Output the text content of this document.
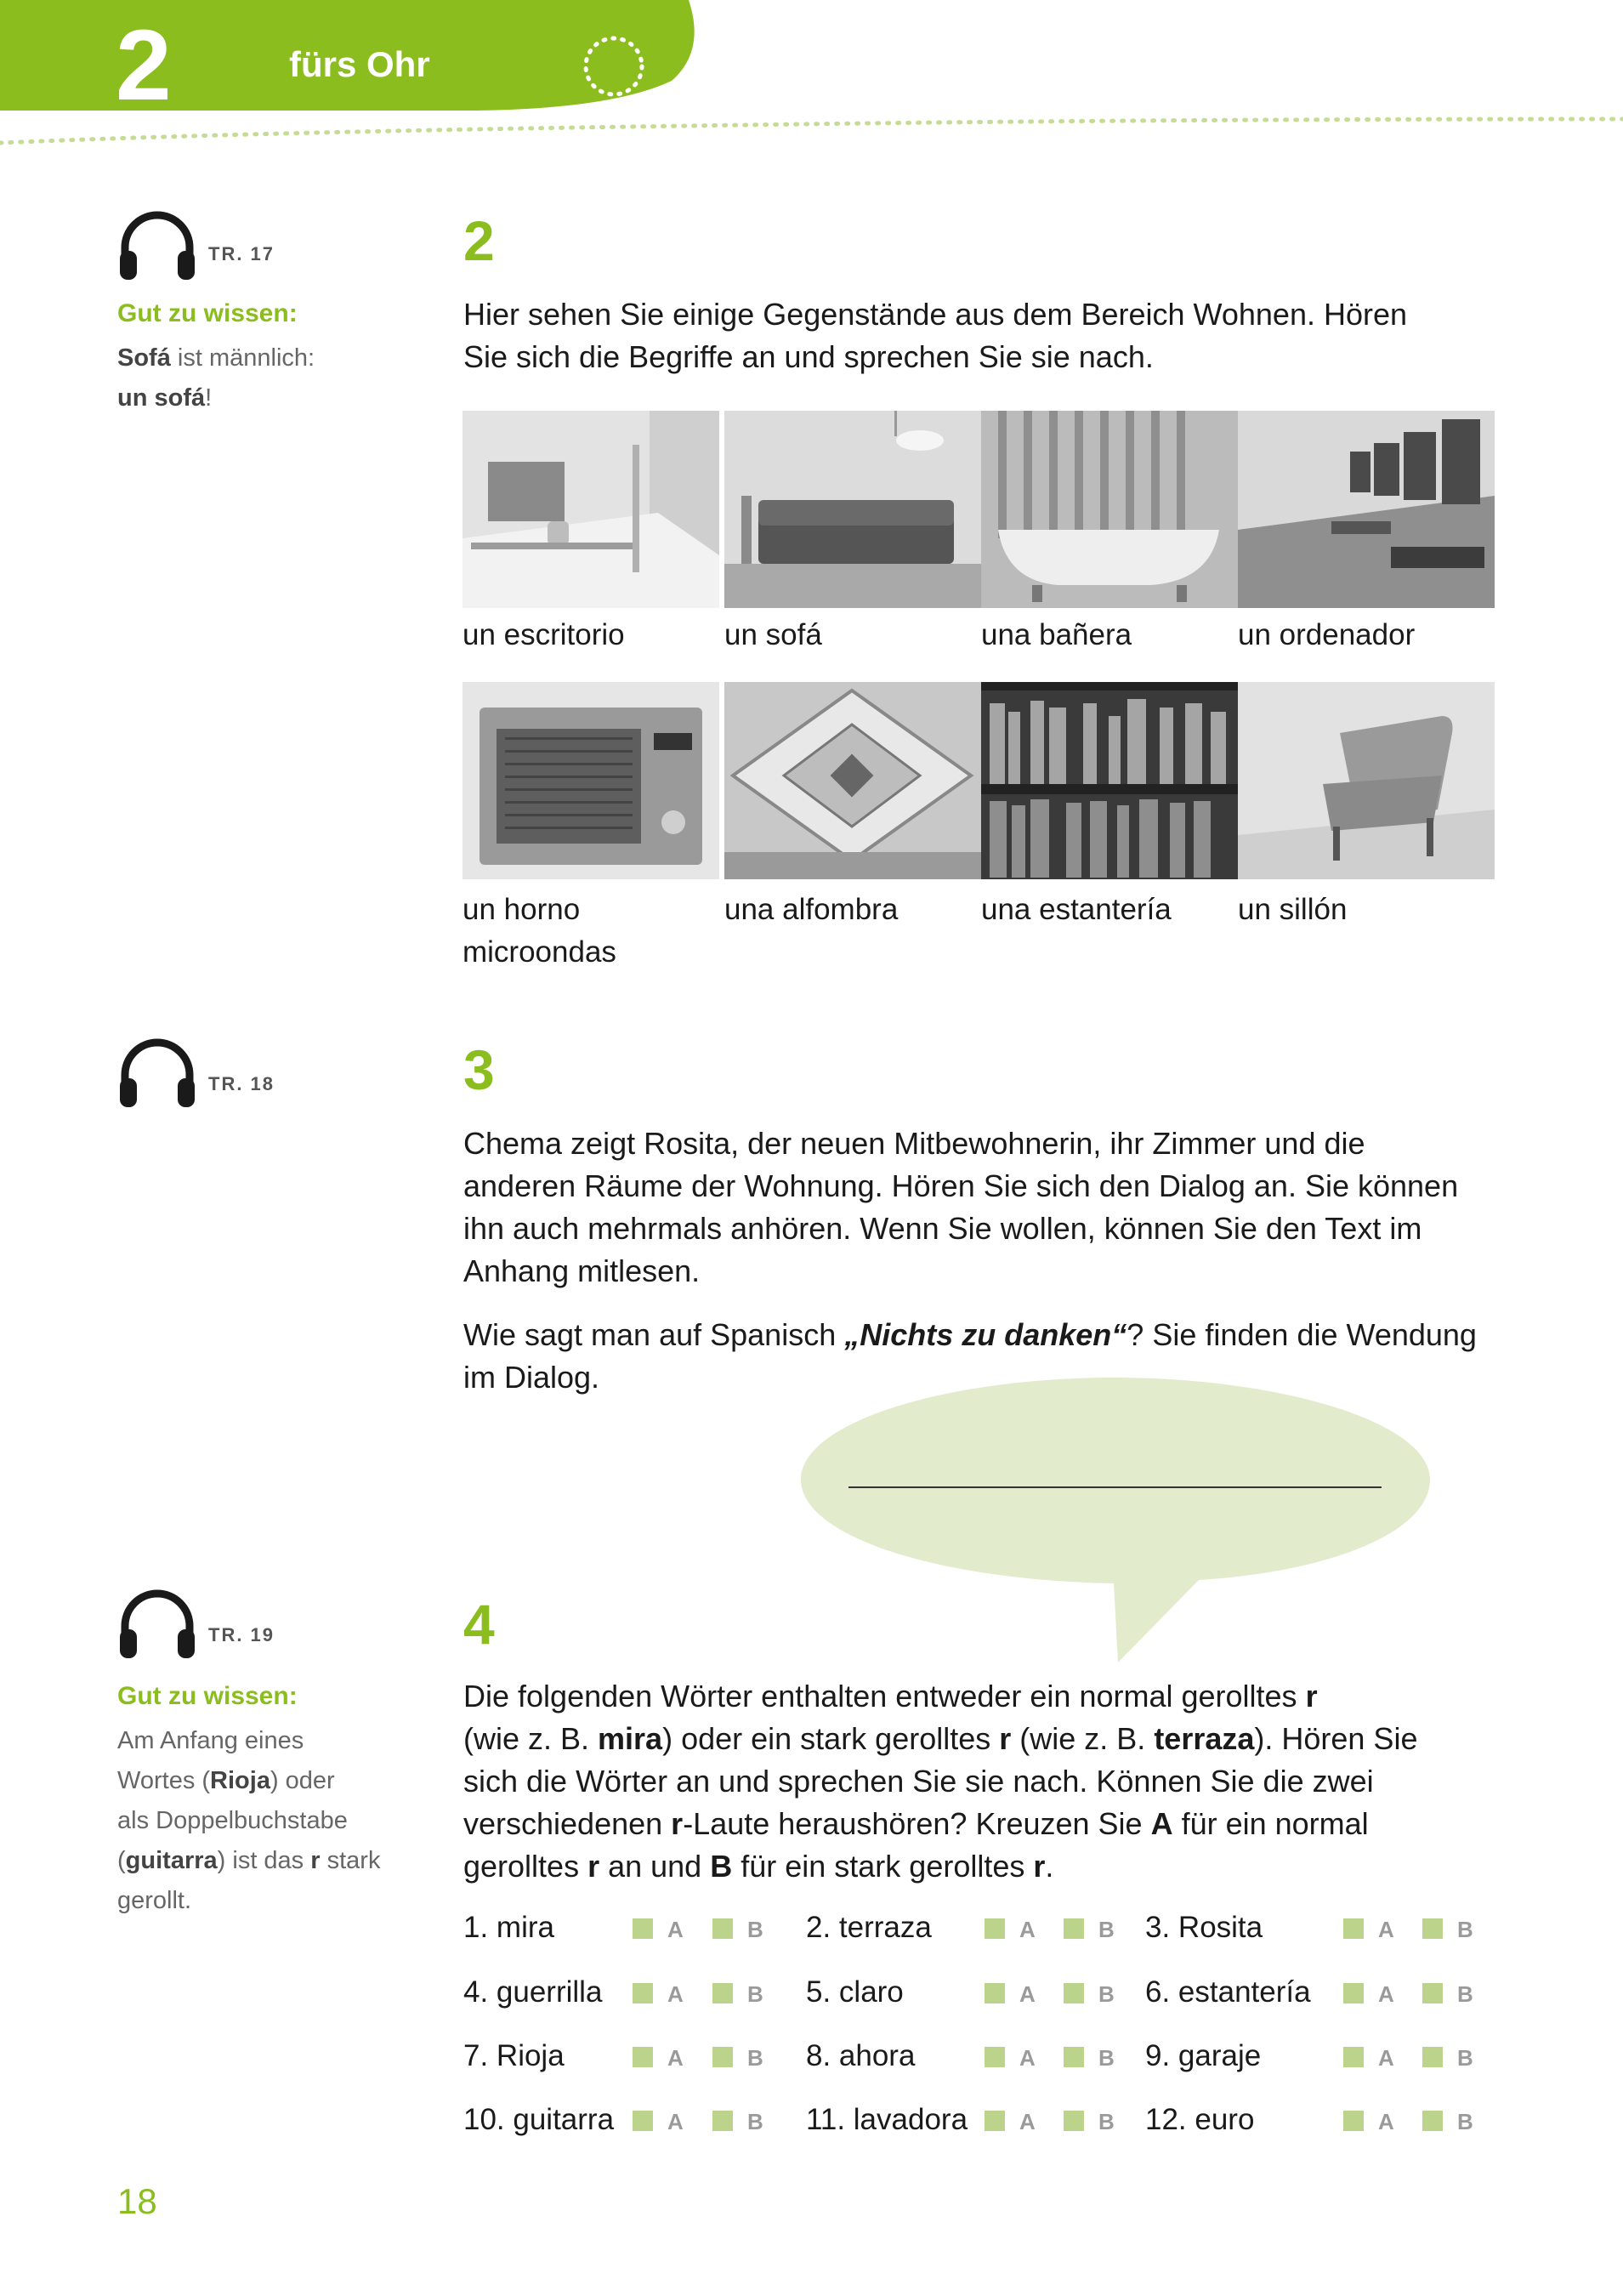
2	fürs Ohr
TR. 17
Gut zu wissen:
Sofá ist männlich:
un sofá!
2
Hier sehen Sie einige Gegenstände aus dem Bereich Wohnen. Hören
Sie sich die Begriffe an und sprechen Sie sie nach.
un escritorio	un sofá	una bañera	un ordenador
un horno
microondas
una alfombra	una estantería	un sillón
TR. 18	3
Chema zeigt Rosita, der neuen Mitbewohnerin, ihr Zimmer und die
anderen Räume der Wohnung. Hören Sie sich den Dialog an. Sie können
ihn auch mehrmals anhören. Wenn Sie wollen, können Sie den Text im
Anhang mitlesen.
Wie sagt man auf Spanisch „Nichts zu danken“? Sie finden die Wendung
im Dialog.
TR. 19
Gut zu wissen:
Am Anfang eines
Wortes (Rioja) oder
als Doppelbuchstabe
(guitarra) ist das r stark
gerollt.
4
Die folgenden Wörter enthalten entweder ein normal gerolltes r
(wie z. B. mira) oder ein stark gerolltes r (wie z. B. terraza). Hören Sie
sich die Wörter an und sprechen Sie sie nach. Können Sie die zwei
verschiedenen r-Laute heraushören? Kreuzen Sie A für ein normal
gerolltes r an und B für ein stark gerolltes r.
1. mira	A	B 2. terraza	A	B 3. Rosita	A	B
4. guerrilla	A	B 5. claro	A	B 6. estantería	A	B
7. Rioja	A	B 8. ahora	A	B 9. garaje	A	B
10. guitarra A	B 11. lavadora A	B 12. euro	A	B
18
